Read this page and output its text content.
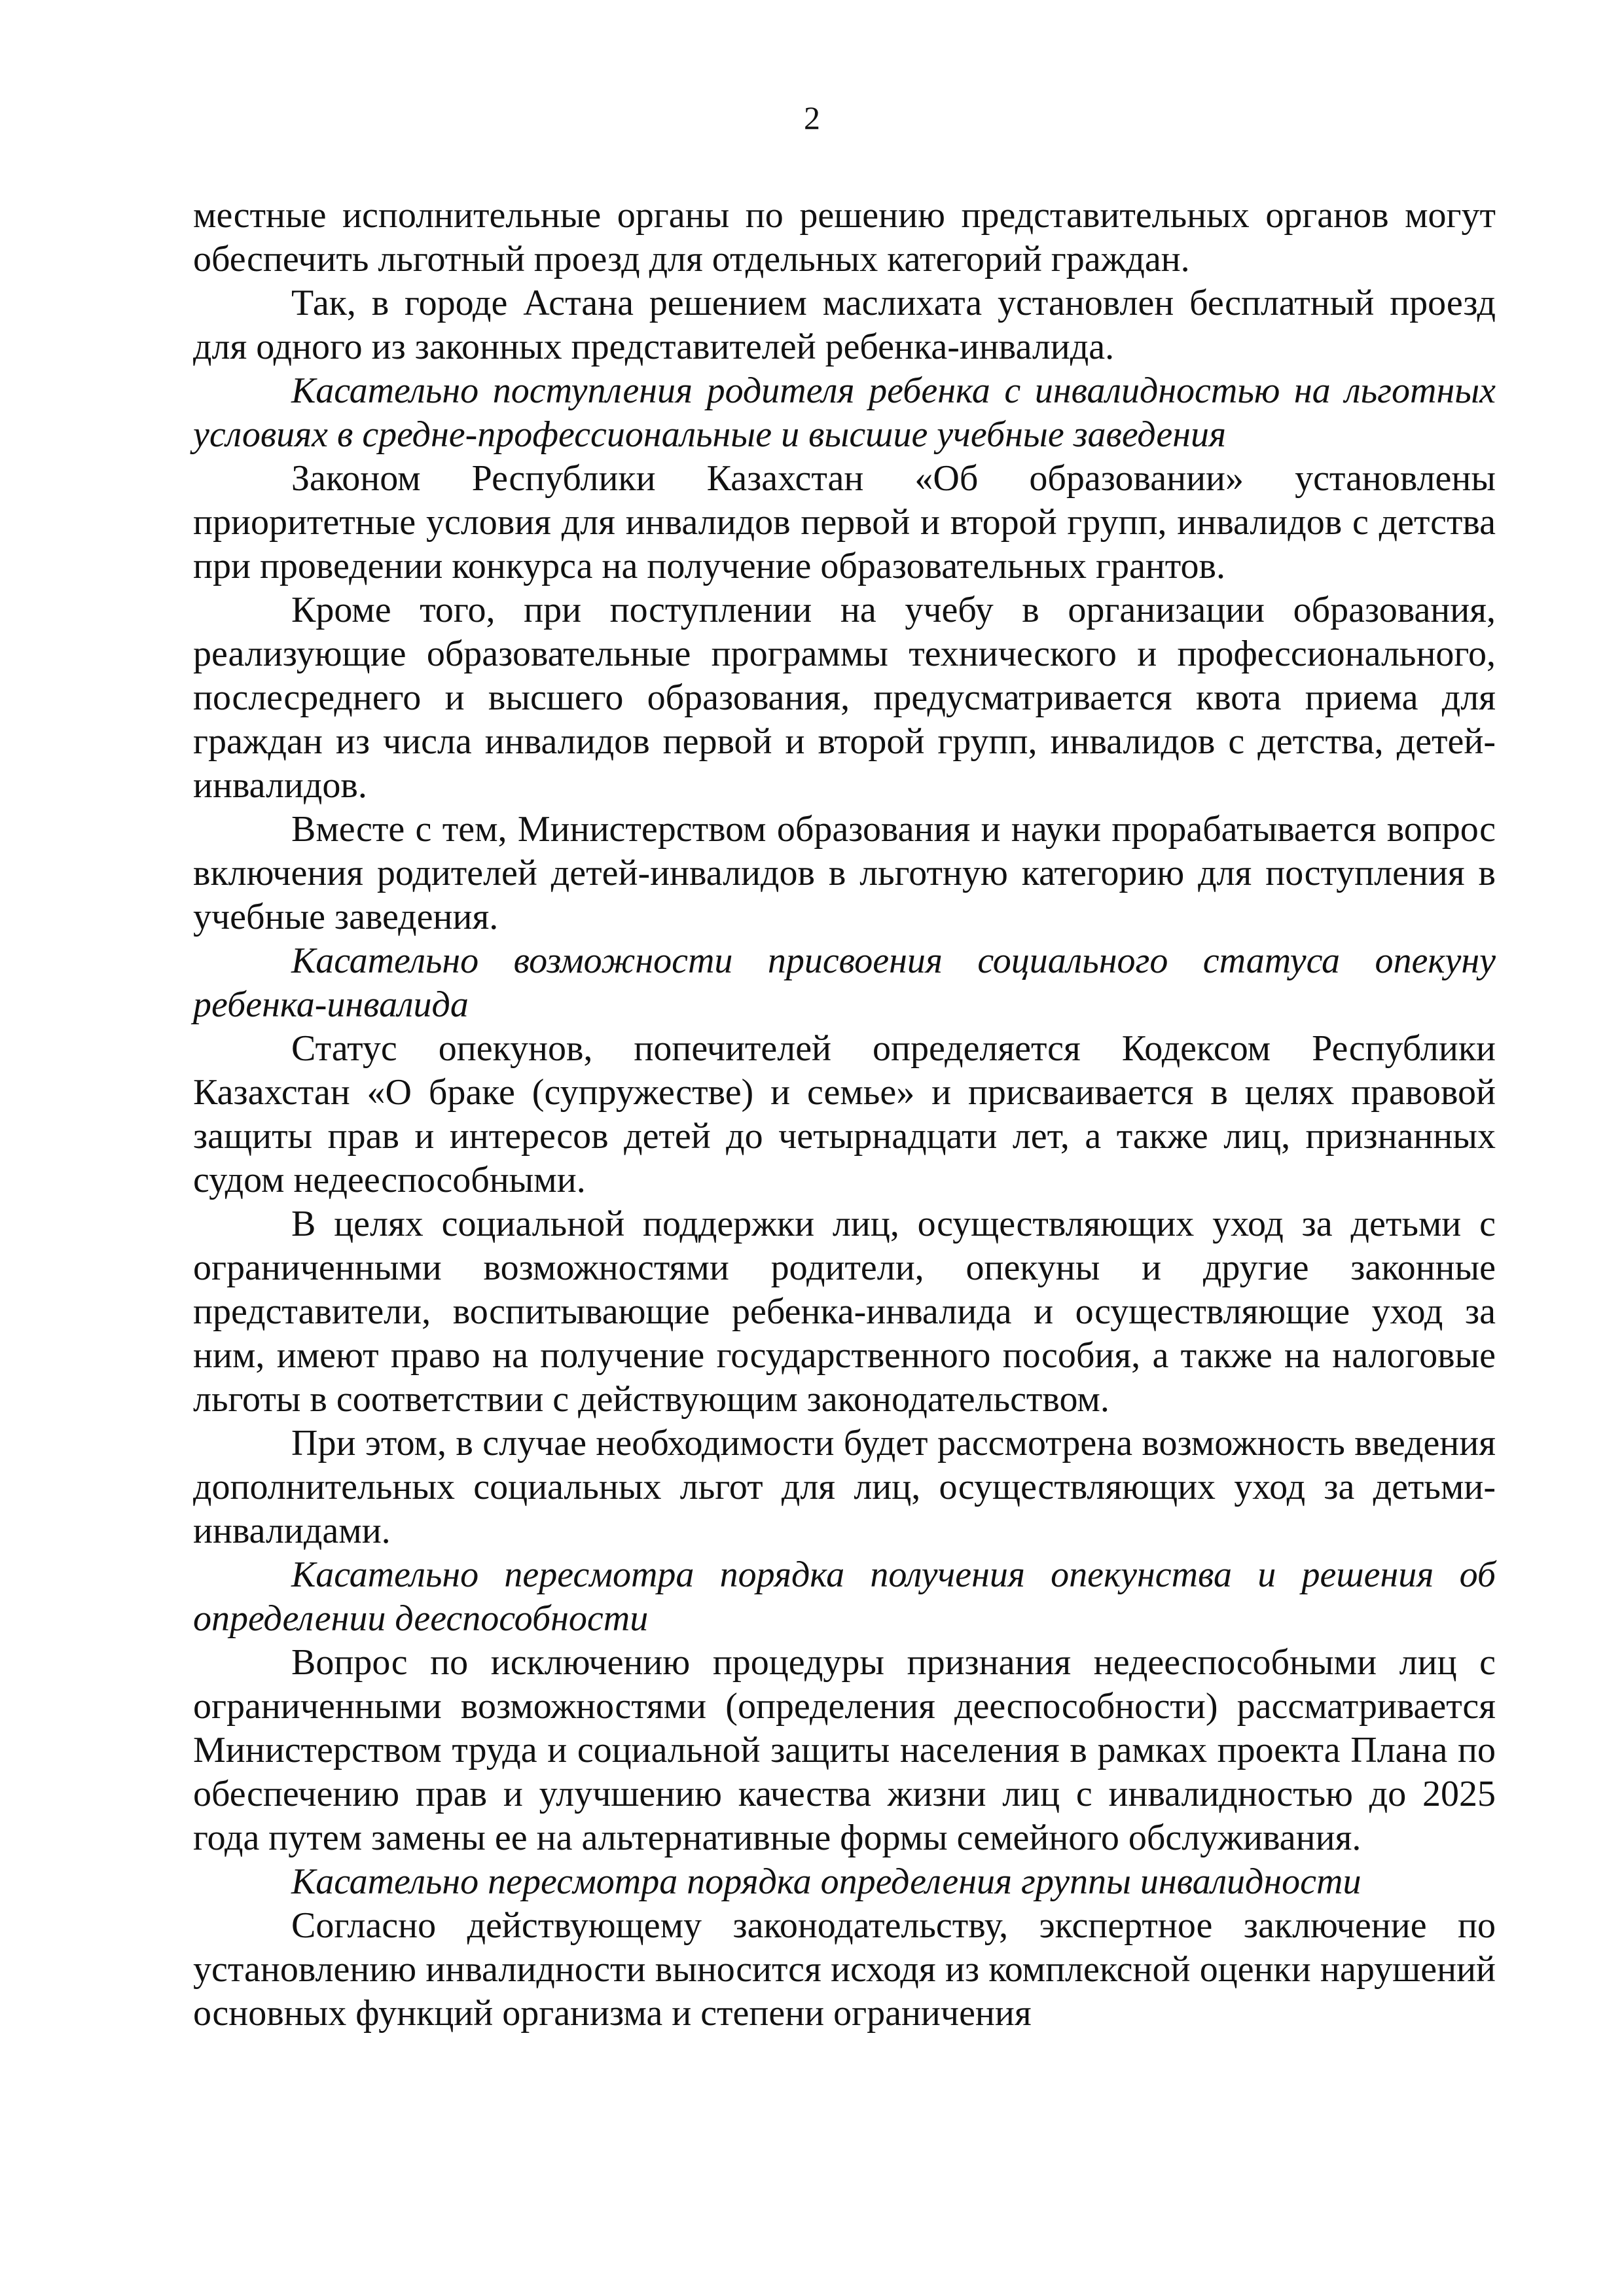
2

местные исполнительные органы по решению представительных органов могут обеспечить льготный проезд для отдельных категорий граждан.

Так, в городе Астана решением маслихата установлен бесплатный проезд для одного из законных представителей ребенка-инвалида.

Касательно поступления родителя ребенка с инвалидностью на льготных условиях в средне-профессиональные и высшие учебные заведения

Законом Республики Казахстан «Об образовании» установлены приоритетные условия для инвалидов первой и второй групп, инвалидов с детства при проведении конкурса на получение образовательных грантов.

Кроме того, при поступлении на учебу в организации образования, реализующие образовательные программы технического и профессионального, послесреднего и высшего образования, предусматривается квота приема для граждан из числа инвалидов первой и второй групп, инвалидов с детства, детей-инвалидов.

Вместе с тем, Министерством образования и науки прорабатывается вопрос включения родителей детей-инвалидов в льготную категорию для поступления в учебные заведения.

Касательно возможности присвоения социального статуса опекуну ребенка-инвалида

Статус опекунов, попечителей определяется Кодексом Республики Казахстан «О браке (супружестве) и семье» и присваивается в целях правовой защиты прав и интересов детей до четырнадцати лет, а также лиц, признанных судом недееспособными.

В целях социальной поддержки лиц, осуществляющих уход за детьми с ограниченными возможностями родители, опекуны и другие законные представители, воспитывающие ребенка-инвалида и осуществляющие уход за ним, имеют право на получение государственного пособия, а также на налоговые льготы в соответствии с действующим законодательством.

При этом, в случае необходимости будет рассмотрена возможность введения дополнительных социальных льгот для лиц, осуществляющих уход за детьми-инвалидами.

Касательно пересмотра порядка получения опекунства и решения об определении дееспособности

Вопрос по исключению процедуры признания недееспособными лиц с ограниченными возможностями (определения дееспособности) рассматривается Министерством труда и социальной защиты населения в рамках проекта Плана по обеспечению прав и улучшению качества жизни лиц с инвалидностью до 2025 года путем замены ее на альтернативные формы семейного обслуживания.

Касательно пересмотра порядка определения группы инвалидности

Согласно действующему законодательству, экспертное заключение по установлению инвалидности выносится исходя из комплексной оценки нарушений основных функций организма и степени ограничения
